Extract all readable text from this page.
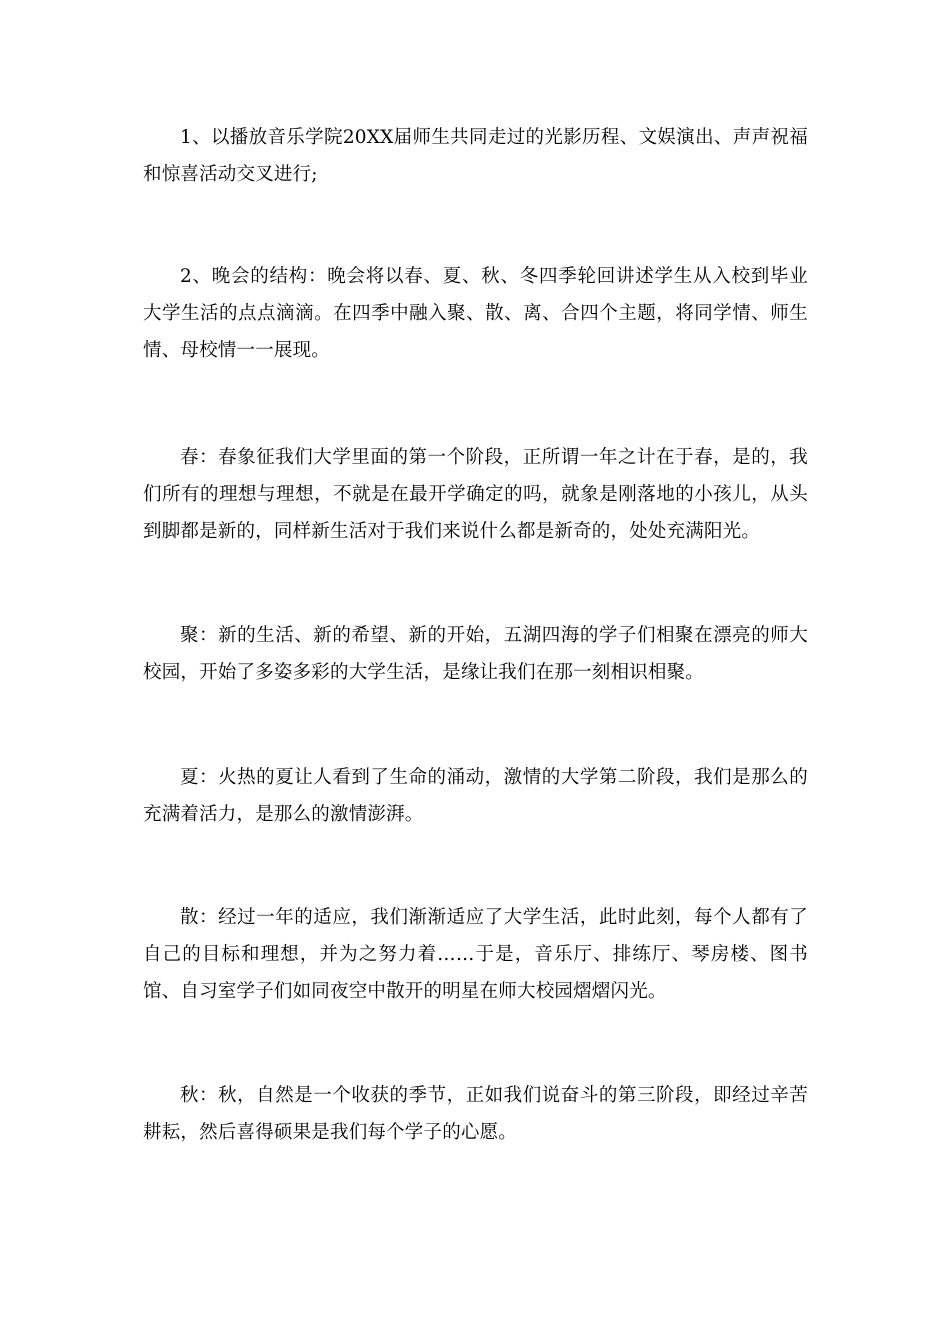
1、以播放音乐学院20XX届师生共同走过的光影历程、文娱演出、声声祝福和惊喜活动交叉进行;

2、晚会的结构：晚会将以春、夏、秋、冬四季轮回讲述学生从入校到毕业大学生活的点点滴滴。在四季中融入聚、散、离、合四个主题，将同学情、师生情、母校情一一展现。

春：春象征我们大学里面的第一个阶段，正所谓一年之计在于春，是的，我们所有的理想与理想，不就是在最开学确定的吗，就象是刚落地的小孩儿，从头到脚都是新的，同样新生活对于我们来说什么都是新奇的，处处充满阳光。

聚：新的生活、新的希望、新的开始，五湖四海的学子们相聚在漂亮的师大校园，开始了多姿多彩的大学生活，是缘让我们在那一刻相识相聚。

夏：火热的夏让人看到了生命的涌动，激情的大学第二阶段，我们是那么的充满着活力，是那么的激情澎湃。

散：经过一年的适应，我们渐渐适应了大学生活，此时此刻，每个人都有了自己的目标和理想，并为之努力着……于是，音乐厅、排练厅、琴房楼、图书馆、自习室学子们如同夜空中散开的明星在师大校园熠熠闪光。

秋：秋，自然是一个收获的季节，正如我们说奋斗的第三阶段，即经过辛苦耕耘，然后喜得硕果是我们每个学子的心愿。
